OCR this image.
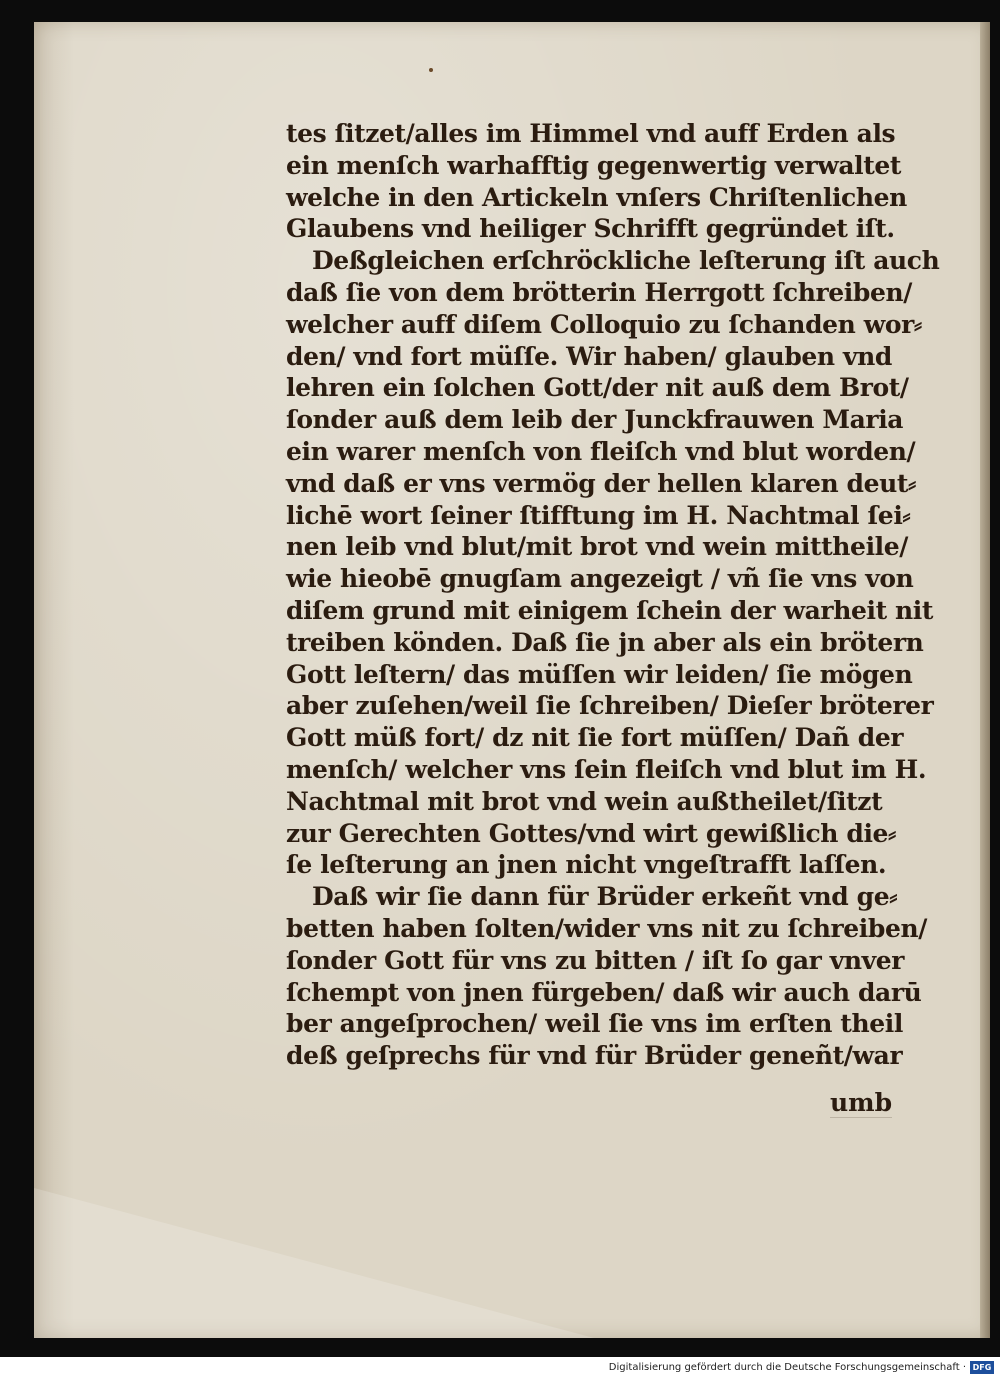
tes ſitzet/alles im Himmel vnd auff Erden als
ein menſch warhafftig gegenwertig verwaltet
welche in den Artickeln vnſers Chriſtenlichen
Glaubens vnd heiliger Schrifft gegründet iſt.
Deßgleichen erſchröckliche leſterung iſt auch
daß ſie von dem brötterin Herrgott ſchreiben/
welcher auff diſem Colloquio zu ſchanden wor⸗
den/ vnd fort müſſe. Wir haben/ glauben vnd
lehren ein ſolchen Gott/der nit auß dem Brot/
ſonder auß dem leib der Junckfrauwen Maria
ein warer menſch von fleiſch vnd blut worden/
vnd daß er vns vermög der hellen klaren deut⸗
lichē wort ſeiner ſtifftung im H. Nachtmal ſei⸗
nen leib vnd blut/mit brot vnd wein mittheile/
wie hieobē gnugſam angezeigt / vñ ſie vns von
diſem grund mit einigem ſchein der warheit nit
treiben könden. Daß ſie jn aber als ein brötern
Gott leſtern/ das müſſen wir leiden/ ſie mögen
aber zuſehen/weil ſie ſchreiben/ Dieſer bröterer
Gott müß fort/ dz nit ſie fort müſſen/ Dañ der
menſch/ welcher vns ſein fleiſch vnd blut im H.
Nachtmal mit brot vnd wein außtheilet/ſitzt
zur Gerechten Gottes/vnd wirt gewißlich die⸗
ſe leſterung an jnen nicht vngeſtrafft laſſen.
Daß wir ſie dann für Brüder erkeñt vnd ge⸗
betten haben ſolten/wider vns nit zu ſchreiben/
ſonder Gott für vns zu bitten / iſt ſo gar vnver
ſchempt von jnen fürgeben/ daß wir auch darū
ber angeſprochen/ weil ſie vns im erſten theil
deß geſprechs für vnd für Brüder geneñt/war
umb
Digitalisierung gefördert durch die Deutsche Forschungsgemeinschaft · DFG
